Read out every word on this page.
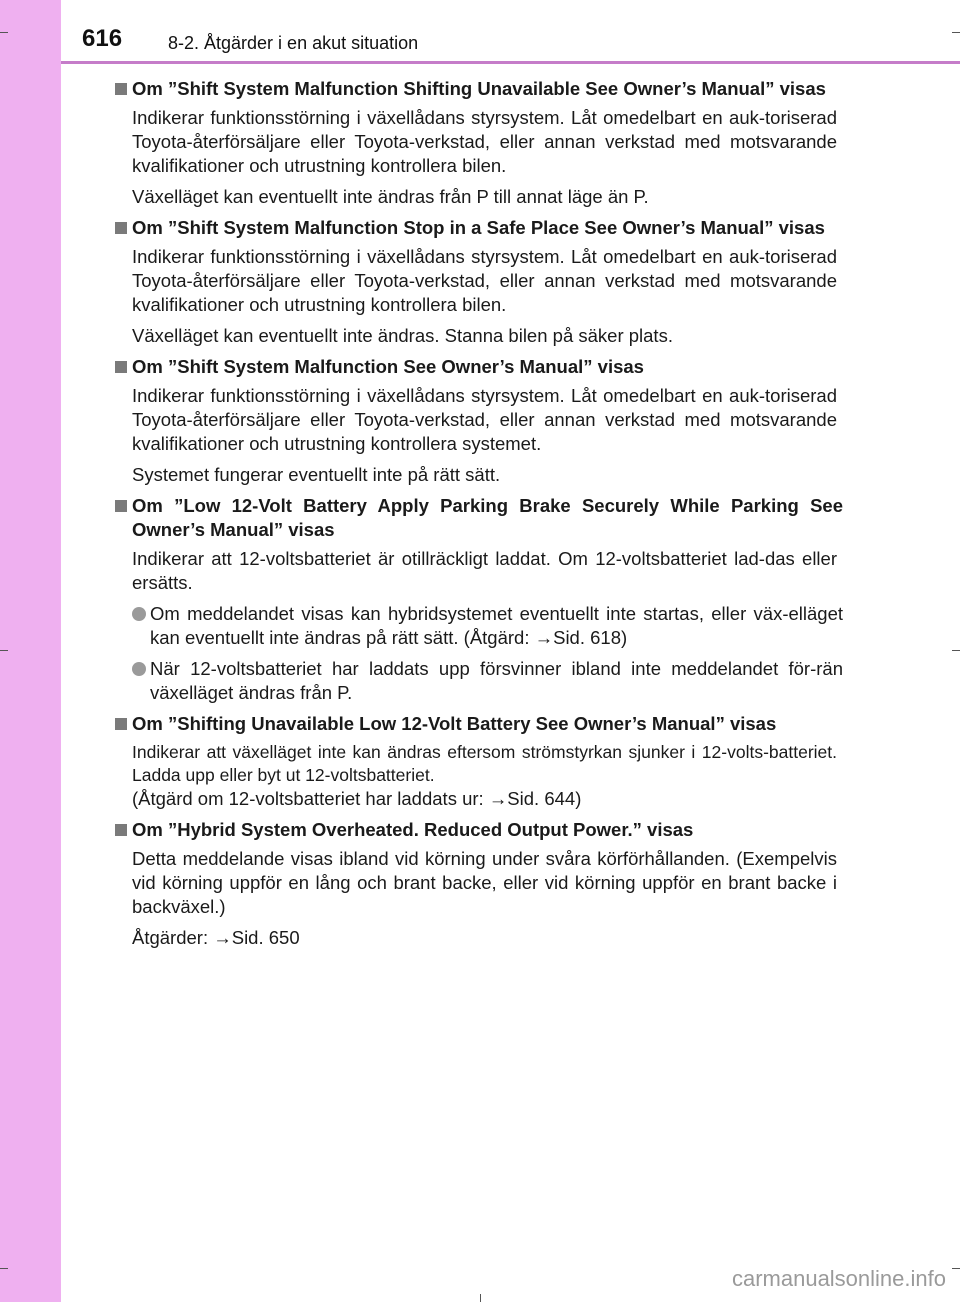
616	8-2. Åtgärder i en akut situation
Om ”Shift System Malfunction Shifting Unavailable See Owner’s Manual” visas

Indikerar funktionsstörning i växellådans styrsystem. Låt omedelbart en auk-toriserad Toyota-återförsäljare eller Toyota-verkstad, eller annan verkstad med motsvarande kvalifikationer och utrustning kontrollera bilen.

Växelläget kan eventuellt inte ändras från P till annat läge än P.

Om ”Shift System Malfunction Stop in a Safe Place See Owner’s Manual” visas

Indikerar funktionsstörning i växellådans styrsystem. Låt omedelbart en auk-toriserad Toyota-återförsäljare eller Toyota-verkstad, eller annan verkstad med motsvarande kvalifikationer och utrustning kontrollera bilen.

Växelläget kan eventuellt inte ändras. Stanna bilen på säker plats.

Om ”Shift System Malfunction See Owner’s Manual” visas

Indikerar funktionsstörning i växellådans styrsystem. Låt omedelbart en auk-toriserad Toyota-återförsäljare eller Toyota-verkstad, eller annan verkstad med motsvarande kvalifikationer och utrustning kontrollera systemet.

Systemet fungerar eventuellt inte på rätt sätt.

Om ”Low 12-Volt Battery Apply Parking Brake Securely While Parking See Owner’s Manual” visas

Indikerar att 12-voltsbatteriet är otillräckligt laddat. Om 12-voltsbatteriet lad-das eller ersätts.

Om meddelandet visas kan hybridsystemet eventuellt inte startas, eller väx-elläget kan eventuellt inte ändras på rätt sätt. (Åtgärd: →Sid. 618)
När 12-voltsbatteriet har laddats upp försvinner ibland inte meddelandet för-rän växelläget ändras från P.
Om ”Shifting Unavailable Low 12-Volt Battery See Owner’s Manual” visas

Indikerar att växelläget inte kan ändras eftersom strömstyrkan sjunker i 12-volts-batteriet. Ladda upp eller byt ut 12-voltsbatteriet.

(Åtgärd om 12-voltsbatteriet har laddats ur: →Sid. 644)

Om ”Hybrid System Overheated. Reduced Output Power.” visas

Detta meddelande visas ibland vid körning under svåra körförhållanden. (Exempelvis vid körning uppför en lång och brant backe, eller vid körning uppför en brant backe i backväxel.)

Åtgärder: →Sid. 650

carmanualsonline.info
